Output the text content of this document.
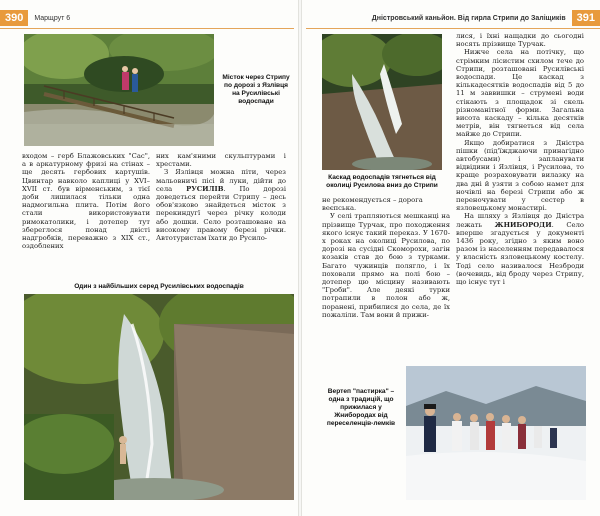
390	Марщрут 6
Місток через Стрипу по дорозі з Язлівця на Русилівські водоспади

входом – герб Блажовських "Сас", а в аркатурному фризі на стінах – ще десять гербових картушів. Цвинтар навколо каплиці у XVI–XVII ст. був вірменським, з тієї доби лишилася тільки одна надмогильна плита. Потім його стали використовувати римокатолики, і дотепер тут збереглося понад двісті надгробків, переважно з XIX ст., оздоблених

них кам'яними скульптурами і хрестами.

З Язлівця можна піти, через мальовничі пісі й луки, дійти до села РУСИЛІВ. По дорозі доведеться перейти Стрипу – десь обов'язково знайдеться місток з перекиндугї через річку колоди або дошки. Село розташоване на високому правому березі річки. Автотуристам їхати до Русило-

Один з найбільших серед Русилівських водоспадів
Дністровський каньйон. Від гирла Стрипи до Заліщиків	391
Каскад водоспадів тягнеться від околиці Русилова вниз до Стрипи

не рекомендується – дорога

веєпська.

У селі трапляються мешканці на прізвище Турчак, про походження якого існує такий переказ. У 1670-х роках на околиці Русилова, по дорозі на сусідні Скоморохи, загін козаків став до бою з турками. Багато чужинців полягло, і їх поховали прямо на полі бою – дотепер цю місцину називають "Гроби". Але деякі турки потрапили в полон або ж, поранені, прибилися до села, де їх пожаліли. Там вони й прижи-

лися, і їхні нащадки до сьогодні носять прізвище Турчак.

Нижче села на потічку, що стрімким лісистим схилом тече до Стрипи, розташовані Русилівські водоспади. Це каскад з кількадесятків водоспадів від 5 до 11 м заввишки – струмені води стікають з площадок зі скель різноманітної форми. Загальна висота каскаду – кілька десятків метрів, він тягнеться від села майже до Стрипи.

Якщо добиратися з Дністра пішки (під'їжджаючи принагідно автобусами) і запланувати відвідини і Язлівця, і Русилова, то краще розраховувати вилазку на два дні й узяти з собою намет для ночівлі на березі Стрипи або ж переночувати у сестер в язловецькому монастирі.

На шляху з Язлівця до Дністра лежать ЖНИБОРОДИ. Село вперше згадується у документі 1436 року, згідно з яким воно разом із населенням передавалося у власність язловецькому костелу. Тоді село називалося Незброди (вочевидь, від броду через Стрипу, що існує тут і

Вертеп "пастирка" – одна з традицій, що прижилася у Жнибородах від переселенців-лемків
